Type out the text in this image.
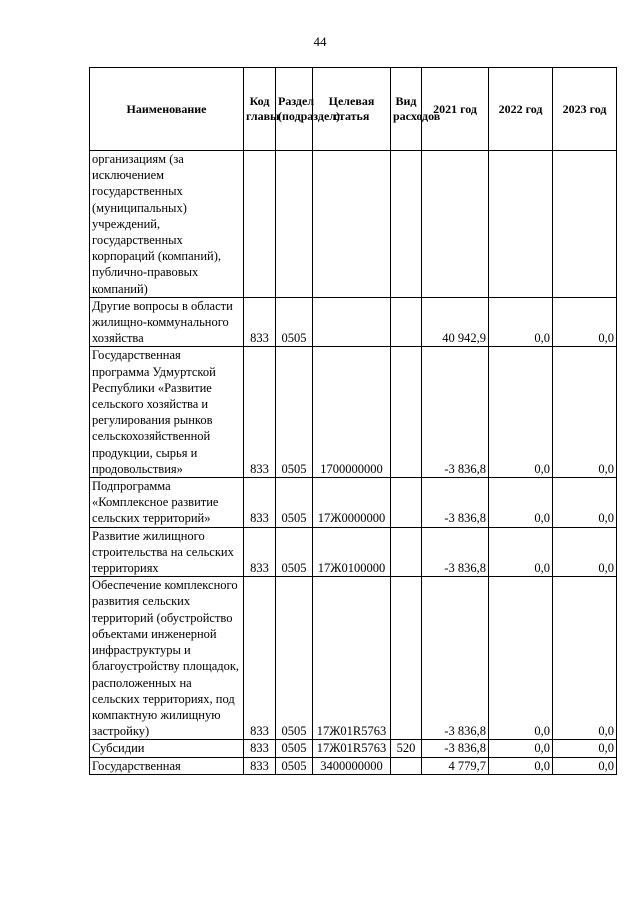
44
Наименование	Код главы	Раздел (подраздел)	Целевая статья	Вид расходов	2021 год	2022 год	2023 год
организациям (за исключением государственных (муниципальных) учреждений, государственных корпораций (компаний), публично-правовых компаний)							
Другие вопросы в области жилищно-коммунального хозяйства	833	0505			40 942,9	0,0	0,0
Государственная программа Удмуртской Республики «Развитие сельского хозяйства и регулирования рынков сельскохозяйственной продукции, сырья и продовольствия»	833	0505	1700000000		-3 836,8	0,0	0,0
Подпрограмма «Комплексное развитие сельских территорий»	833	0505	17Ж0000000		-3 836,8	0,0	0,0
Развитие жилищного строительства на сельских территориях	833	0505	17Ж0100000		-3 836,8	0,0	0,0
Обеспечение комплексного развития сельских территорий (обустройство объектами инженерной инфраструктуры и благоустройству площадок, расположенных на сельских территориях, под компактную жилищную застройку)	833	0505	17Ж01R5763		-3 836,8	0,0	0,0
Субсидии	833	0505	17Ж01R5763	520	-3 836,8	0,0	0,0
Государственная	833	0505	3400000000		4 779,7	0,0	0,0
